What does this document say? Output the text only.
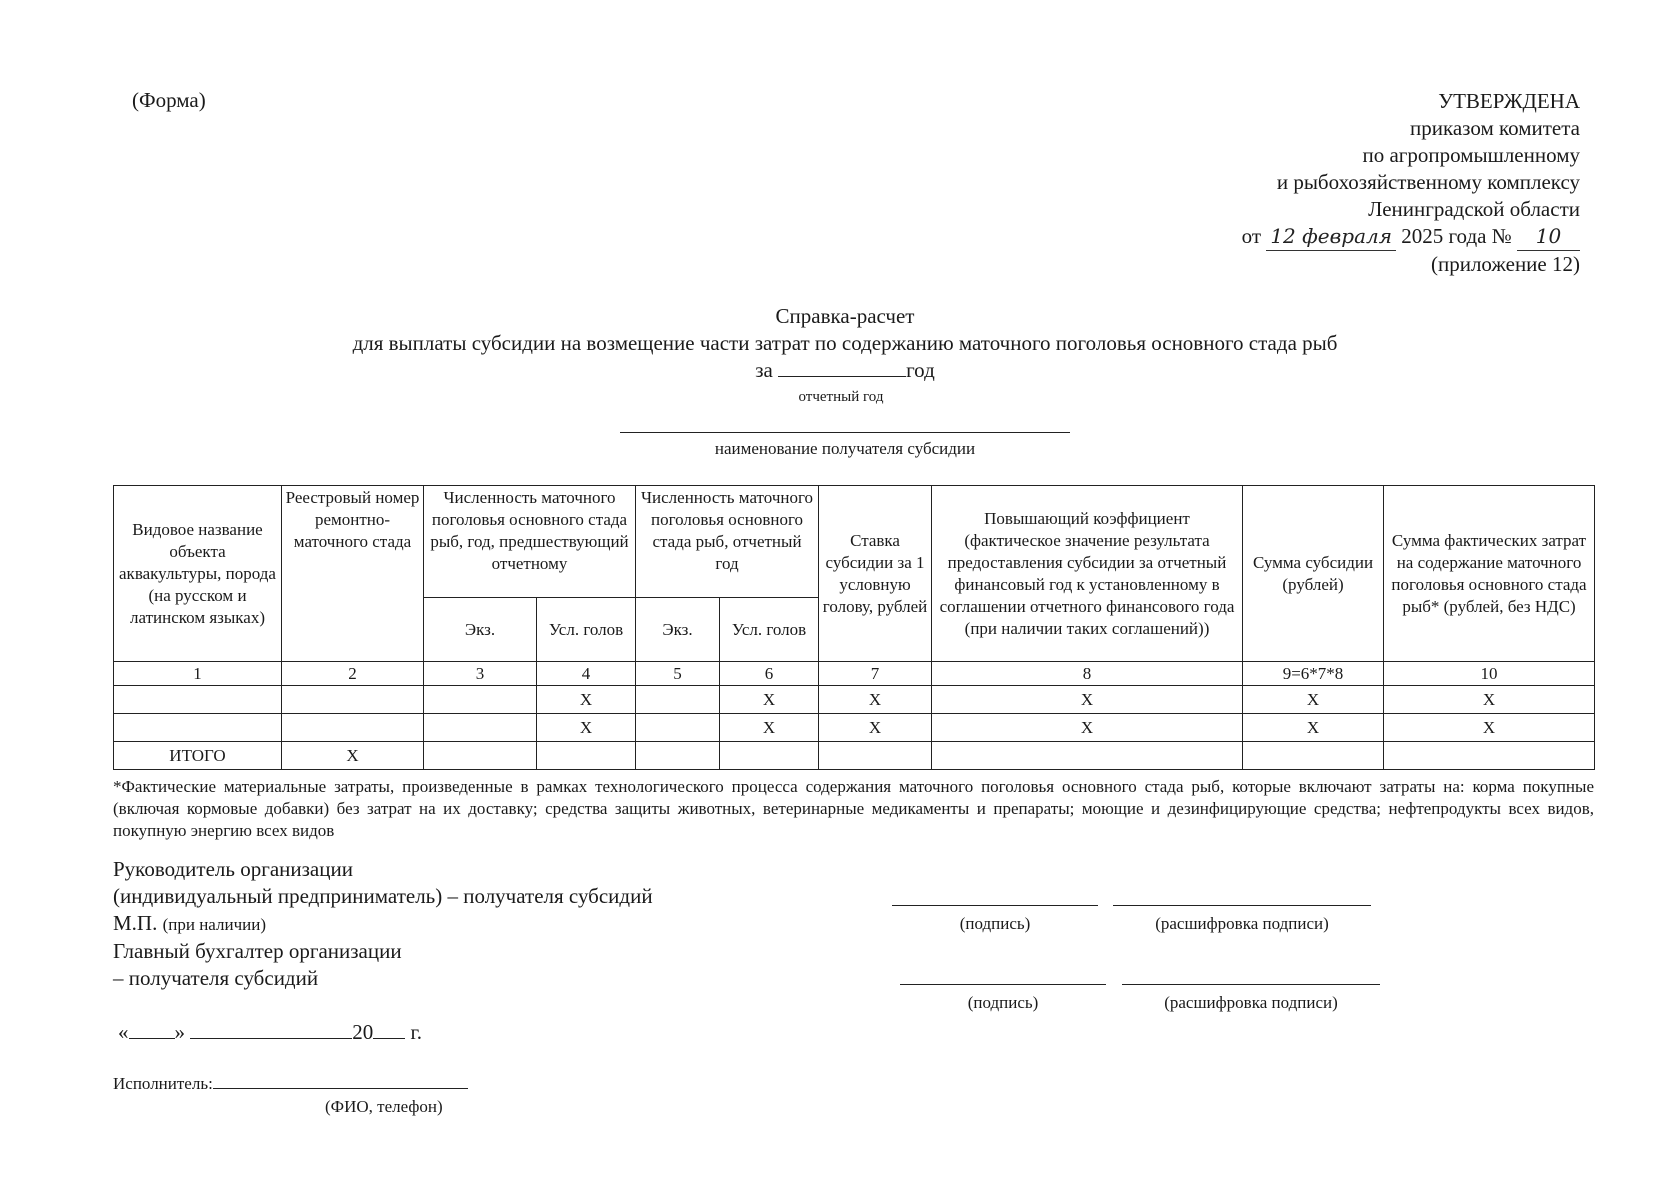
(Форма)	УТВЕРЖДЕНА
приказом комитета
по агропромышленному
и рыбохозяйственному комплексу
Ленинградской области
от 12 февраля 2025 года № 10
(приложение 12)
Справка-расчет
для выплаты субсидии на возмещение части затрат по содержанию маточного поголовья основного стада рыб
за	год
отчетный год
наименование получателя субсидии
Видовое название объекта аквакультуры, порода (на русском и латинском языках)	Реестровый номер ремонтно-маточного стада	Численность маточного поголовья основного стада рыб, год, предшествующий отчетному		Численность маточного поголовья основного стада рыб, отчетный год		Ставка субсидии за 1 условную голову, рублей	Повышающий коэффициент (фактическое значение результата предоставления субсидии за отчетный финансовый год к установленному в соглашении отчетного финансового года (при наличии таких соглашений))	Сумма субсидии (рублей)	Сумма фактических затрат на содержание маточного поголовья основного стада рыб* (рублей, без НДС)
		Экз.	Усл. голов	Экз.	Усл. голов				
1	2	3	4	5	6	7	8	9=6*7*8	10
			X		X	X	X	X	X
			X		X	X	X	X	X
ИТОГО	X								
*Фактические материальные затраты, произведенные в рамках технологического процесса содержания маточного поголовья основного стада рыб, которые включают затраты на: корма покупные (включая кормовые добавки) без затрат на их доставку; средства защиты животных, ветеринарные медикаменты и препараты; моющие и дезинфицирующие средства; нефтепродукты всех видов, покупную энергию всех видов
Руководитель организации
(индивидуальный предприниматель) – получателя субсидий
М.П. (при наличии)
Главный бухгалтер организации
– получателя субсидий
(подпись)	(расшифровка подписи)
(подпись)	(расшифровка подписи)
« »	20 г.
Исполнитель:
(ФИО, телефон)
